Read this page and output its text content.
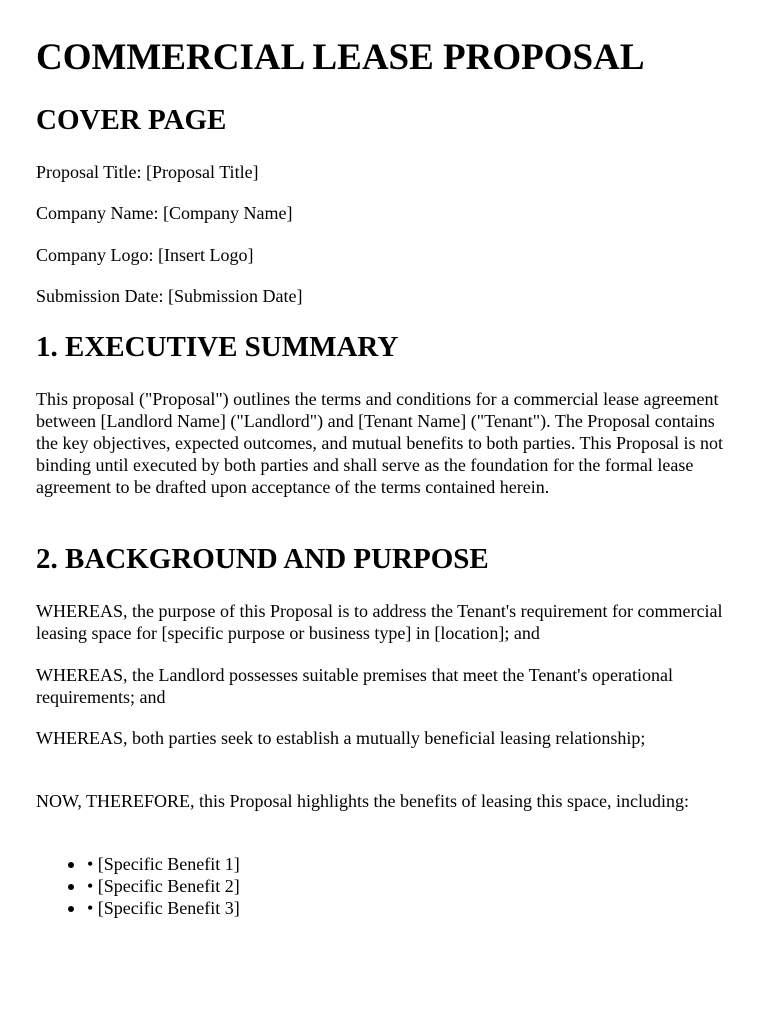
COMMERCIAL LEASE PROPOSAL
COVER PAGE

Proposal Title: [Proposal Title]

Company Name: [Company Name]

Company Logo: [Insert Logo]

Submission Date: [Submission Date]

1. EXECUTIVE SUMMARY

This proposal ("Proposal") outlines the terms and conditions for a commercial lease agreement between [Landlord Name] ("Landlord") and [Tenant Name] ("Tenant"). The Proposal contains the key objectives, expected outcomes, and mutual benefits to both parties. This Proposal is not binding until executed by both parties and shall serve as the foundation for the formal lease agreement to be drafted upon acceptance of the terms contained herein.

2. BACKGROUND AND PURPOSE

WHEREAS, the purpose of this Proposal is to address the Tenant's requirement for commercial leasing space for [specific purpose or business type] in [location]; and

WHEREAS, the Landlord possesses suitable premises that meet the Tenant's operational requirements; and

WHEREAS, both parties seek to establish a mutually beneficial leasing relationship;

NOW, THEREFORE, this Proposal highlights the benefits of leasing this space, including:

• [Specific Benefit 1]
• [Specific Benefit 2]
• [Specific Benefit 3]
